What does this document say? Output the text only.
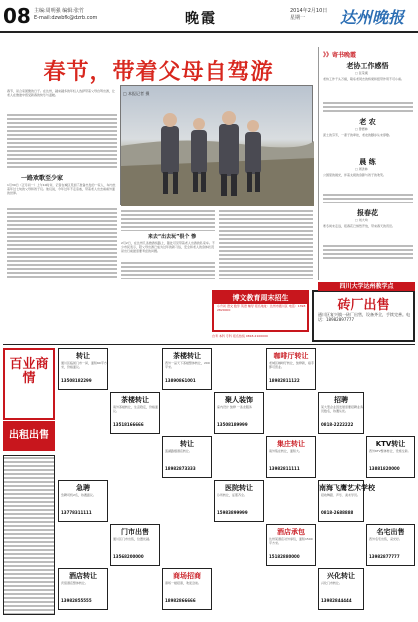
08 主编:周明强 编辑:张竹
E-mail:dzwbfk@dzrb.com	晚霞	2014年2月10日
星期一	达州晚报
春节，带着父母自驾游
□ 本报记者 摄
春节，是合家团聚的日子。在达州，越来越多的年轻人选择带着父母自驾出游，让老人在旅途中感受新春的快乐与温暖。
一路欢歌至少家
1月30日（正月初一）上午10时许，记者在城区见到了准备出发的一家人，车内坐着年过七旬的父母和孩子们。他们说，今年过年不走亲戚，带着老人出去看看外面的世界。
来去“出去玩”很个 惨
2月2日，在达州几条旅游线路上，随处可见带着老人出游的私家车。不少市民表示，陪父母出游已成为过年的新习俗，安全和老人的身体状况是出行前最需要考虑的问题。
》》寄书晚霞
老协工作感悟
□ 张景模
老协工作千头万绪，联系老同志的桥梁和纽带作用不可小看。
老 农
□ 曾德林
泥土的芬芳，一辈子的牵挂，老农的脚步从未停歇。
晨 练
□ 周洪林
公园里的晨光，伴着太极的身影与孩子的欢笑。
报春花
□ 刘大均
寒冬尚未走远，报春花已悄然开放，带来春天的讯息。
博文教育周末招生
小升初 语文 数学 英语 辅导 报名地址：达州市通川区 电话：13982820000	砖厂出售
通川区复兴镇一砖厂出售，设备齐全，手续完善。电话：18982897777
四川大学达州教学点
自考 本科 专科 报名热线 0818-2100000
百业商情
出租出售
转让
通川区临街门市一间，面积60平方米，价格面议。
13508182299
茶楼转让
西外一品天下茶楼整体转让，200平米。
13890861001
咖啡厅转让
老城区咖啡厅转让，装修新，接手即可营业。
18982811122
茶楼转让
南外茶楼转让，生意稳定，价格面议。
13518166666
聚人装饰
室内设计 装修 一条龙服务
13508189999
招聘
某大型企业因发展需要招聘业务员数名，待遇从优。
0818-2222222
转让
莲湖路烟酒店转让。
18982873333
集庄转让
南外集庄转让，面积大。
13982811111
KTV转让
西外KTV整体转让，设施全新。
13881820000
医院转让
诊所转让，证照齐全。
15983899999
南海飞鹰艺术学校
招收舞蹈、声乐、美术学员。
0818-2688888
急聘
急聘司机2名，待遇面议。
13778311111
酒店承包
达州某酒店对外承包，面积1500平方米。
15182880000
名宅出售
西外名宅出售，采光好。
13982877777
门市出售
通川区门市出售，位置优越。
13568200000
兴化转让
兴化门市转让。
13982844444
酒店转让
宾馆酒店整体转让。
13982855555
商场招商
商场一楼招商，欢迎洽谈。
18982866666
